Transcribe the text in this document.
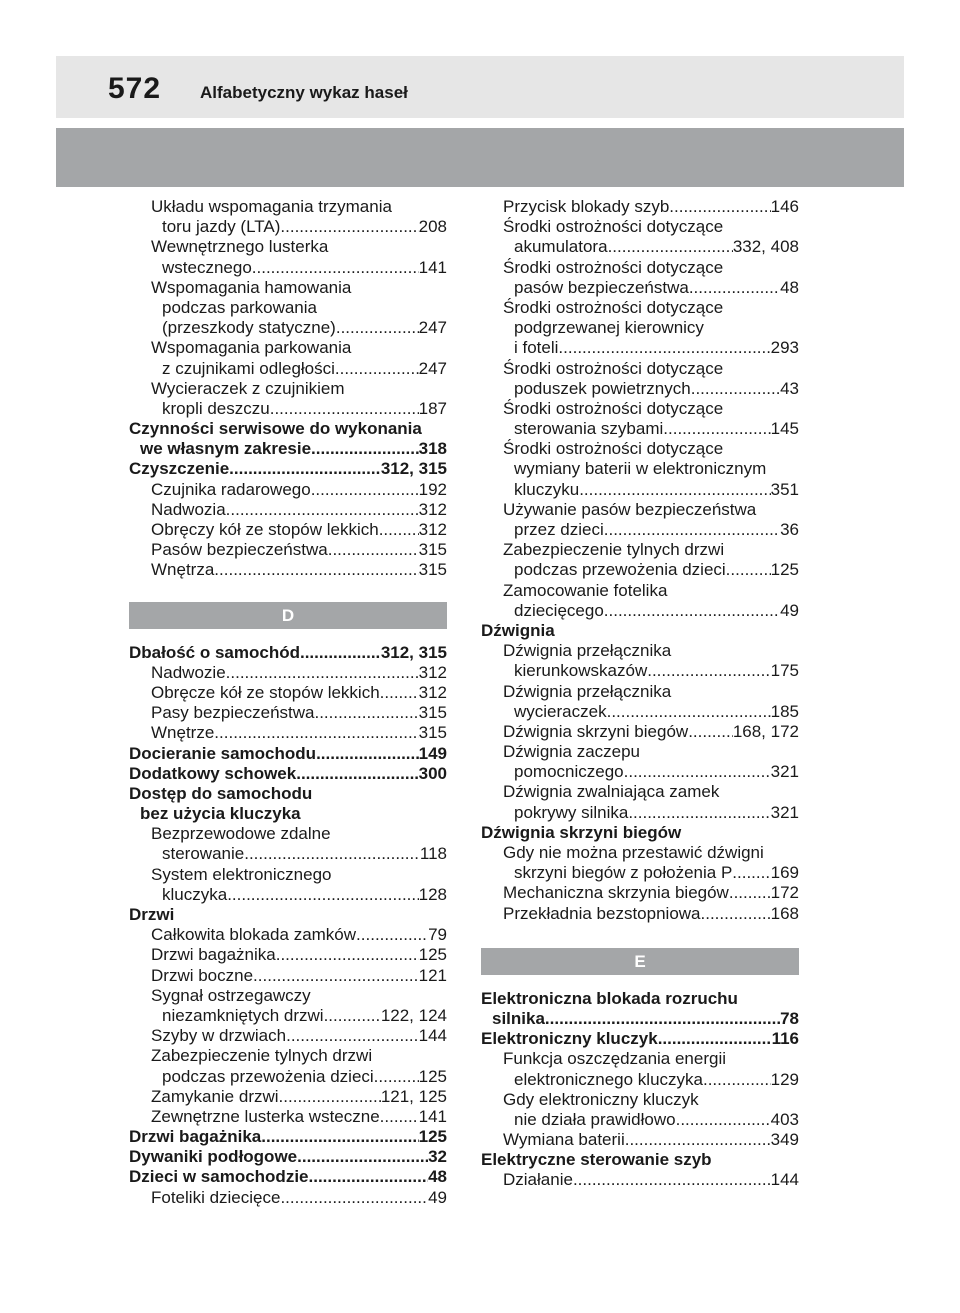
572 Alfabetyczny wykaz haseł
Układu wspomagania trzymania
toru jazdy (LTA) .....	208
Wewnętrznego lusterka
wstecznego .....	141
Wspomagania hamowania
podczas parkowania
(przeszkody statyczne) .....	247
Wspomagania parkowania
z czujnikami odległości .....	247
Wycieraczek z czujnikiem
kropli deszczu .....	187
Czynności serwisowe do wykonania
we własnym zakresie .....	318
Czyszczenie .....	312, 315
Czujnika radarowego .....	192
Nadwozia .....	312
Obręczy kół ze stopów lekkich ..... 312
Pasów bezpieczeństwa .....	315
Wnętrza .....	315
D
Dbałość o samochód .....	312, 315
Nadwozie .....	312
Obręcze kół ze stopów lekkich ..... 312
Pasy bezpieczeństwa .....	315
Wnętrze .....	315
Docieranie samochodu .....	149
Dodatkowy schowek .....	300
Dostęp do samochodu
bez użycia kluczyka
Bezprzewodowe zdalne
sterowanie .....	118
System elektronicznego
kluczyka .....	128
Drzwi
Całkowita blokada zamków .....	79
Drzwi bagażnika .....	125
Drzwi boczne .....	121
Sygnał ostrzegawczy
niezamkniętych drzwi .....	122, 124
Szyby w drzwiach .....	144
Zabezpieczenie tylnych drzwi
podczas przewożenia dzieci .....	125
Zamykanie drzwi .....	121, 125
Zewnętrzne lusterka wsteczne ..... 141
Drzwi bagażnika .....	125
Dywaniki podłogowe .....	32
Dzieci w samochodzie .....	48
Foteliki dziecięce .....	49
Przycisk blokady szyb .....	146
Środki ostrożności dotyczące
akumulatora .....	332, 408
Środki ostrożności dotyczące
pasów bezpieczeństwa .....	48
Środki ostrożności dotyczące
podgrzewanej kierownicy
i foteli .....	293
Środki ostrożności dotyczące
poduszek powietrznych .....	43
Środki ostrożności dotyczące
sterowania szybami .....	145
Środki ostrożności dotyczące
wymiany baterii w elektronicznym
kluczyku .....	351
Używanie pasów bezpieczeństwa
przez dzieci .....	36
Zabezpieczenie tylnych drzwi
podczas przewożenia dzieci .....	125
Zamocowanie fotelika
dziecięcego .....	49
Dźwignia
Dźwignia przełącznika
kierunkowskazów .....	175
Dźwignia przełącznika
wycieraczek .....	185
Dźwignia skrzyni biegów .....	168, 172
Dźwignia zaczepu
pomocniczego .....	321
Dźwignia zwalniająca zamek
pokrywy silnika .....	321
Dźwignia skrzyni biegów
Gdy nie można przestawić dźwigni
skrzyni biegów z położenia P ..... 169
Mechaniczna skrzynia biegów ..... 172
Przekładnia bezstopniowa .....	168
E
Elektroniczna blokada rozruchu
silnika .....	78
Elektroniczny kluczyk .....	116
Funkcja oszczędzania energii
elektronicznego kluczyka .....	129
Gdy elektroniczny kluczyk
nie działa prawidłowo .....	403
Wymiana baterii .....	349
Elektryczne sterowanie szyb
Działanie .....	144
